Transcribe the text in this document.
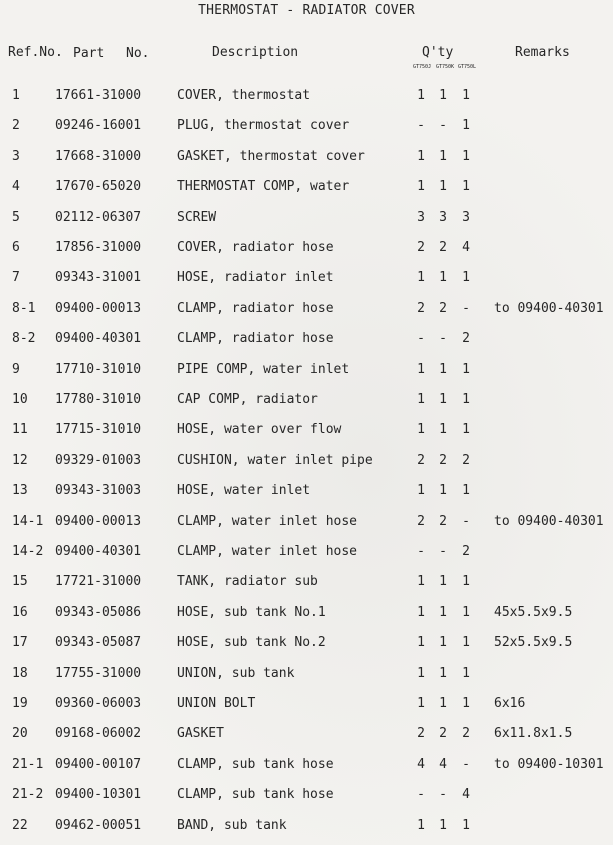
THERMOSTAT - RADIATOR COVER
Ref.No. Part No.	Description	Q'ty	Remarks
GT750J GT750K GT750L
1	17661-31000	COVER, thermostat	1	1	1
2	09246-16001	PLUG, thermostat cover	-	-	1
3	17668-31000	GASKET, thermostat cover	1	1	1
4	17670-65020	THERMOSTAT COMP, water	1	1	1
5	02112-06307	SCREW	3	3	3
6	17856-31000	COVER, radiator hose	2	2	4
7	09343-31001	HOSE, radiator inlet	1	1	1
8-1 09400-00013	CLAMP, radiator hose	2	2	-	to 09400-40301
8-2 09400-40301	CLAMP, radiator hose	-	-	2
9	17710-31010	PIPE COMP, water inlet	1	1	1
10 17780-31010	CAP COMP, radiator	1	1	1
11 17715-31010	HOSE, water over flow	1	1	1
12 09329-01003	CUSHION, water inlet pipe	2	2	2
13 09343-31003	HOSE, water inlet	1	1	1
14-1 09400-00013	CLAMP, water inlet hose	2	2	-	to 09400-40301
14-2 09400-40301	CLAMP, water inlet hose	-	-	2
15 17721-31000	TANK, radiator sub	1	1	1
16 09343-05086	HOSE, sub tank No.1	1	1	1	45x5.5x9.5
17 09343-05087	HOSE, sub tank No.2	1	1	1	52x5.5x9.5
18 17755-31000	UNION, sub tank	1	1	1
19 09360-06003	UNION BOLT	1	1	1	6x16
20 09168-06002	GASKET	2	2	2	6x11.8x1.5
21-1 09400-00107	CLAMP, sub tank hose	4	4	-	to 09400-10301
21-2 09400-10301	CLAMP, sub tank hose	-	-	4
22 09462-00051	BAND, sub tank	1	1	1
